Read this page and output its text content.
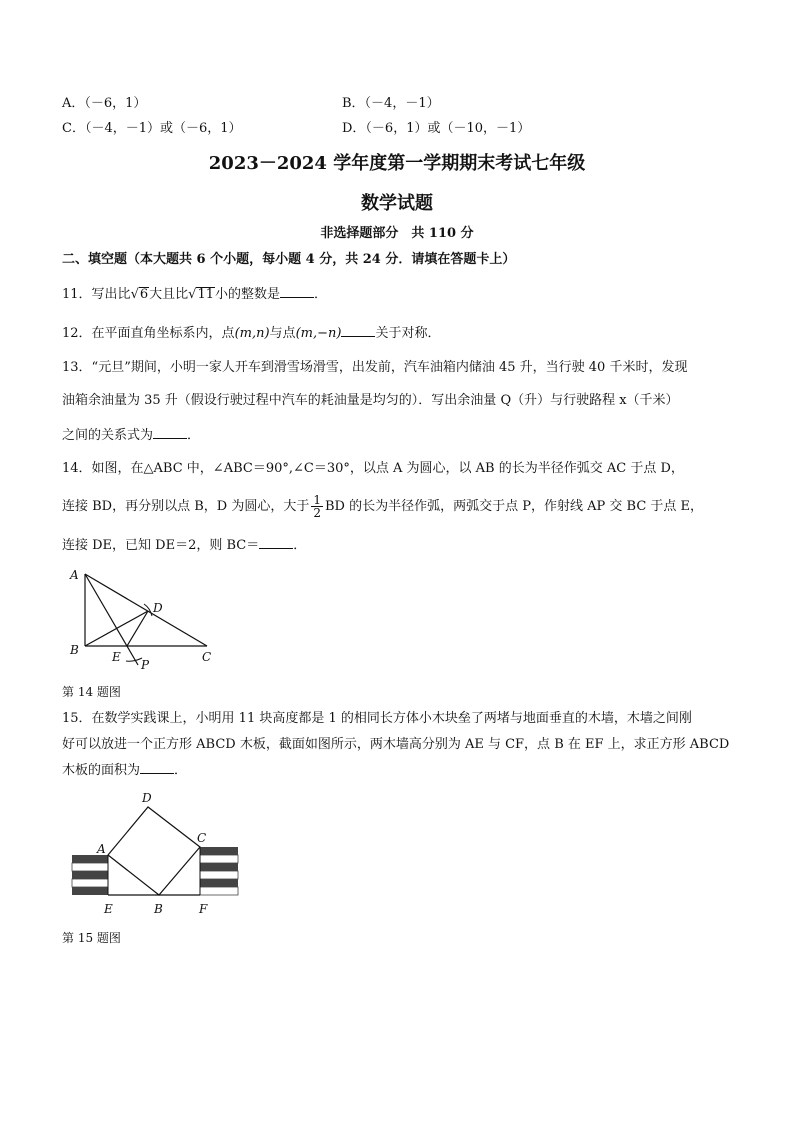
A．（－6，1）	B．（－4，－1）
C．（－4，－1）或（－6，1）	D．（－6，1）或（－10，－1）
2023－2024 学年度第一学期期末考试七年级
数学试题
非选择题部分　共 110 分
二、填空题（本大题共 6 个小题，每小题 4 分，共 24 分．请填在答题卡上）
11．写出比√6大且比√11小的整数是	．
12．在平面直角坐标系内，点(m,n)与点(m,−n)	关于对称．
13．“元旦”期间，小明一家人开车到滑雪场滑雪，出发前，汽车油箱内储油 45 升，当行驶 40 千米时，发现
油箱余油量为 35 升（假设行驶过程中汽车的耗油量是均匀的）．写出余油量 Q（升）与行驶路程 x（千米）
之间的关系式为	．
14．如图，在△ABC 中，∠ABC＝90°,∠C＝30°，以点 A 为圆心，以 AB 的长为半径作弧交 AC 于点 D，
连接 BD，再分别以点 B，D 为圆心，大于 $\frac{1}{2}$ BD 的长为半径作弧，两弧交于点 P，作射线 AP 交 BC 于点 E，
连接 DE，已知 DE＝2，则 BC＝	．
A
B	C
D
E
P
第 14 题图
15．在数学实践课上，小明用 11 块高度都是 1 的相同长方体小木块垒了两堵与地面垂直的木墙，木墙之间刚
好可以放进一个正方形 ABCD 木板，截面如图所示，两木墙高分别为 AE 与 CF，点 B 在 EF 上，求正方形 ABCD
木板的面积为	．
A
D
C
B
E	F
第 15 题图
